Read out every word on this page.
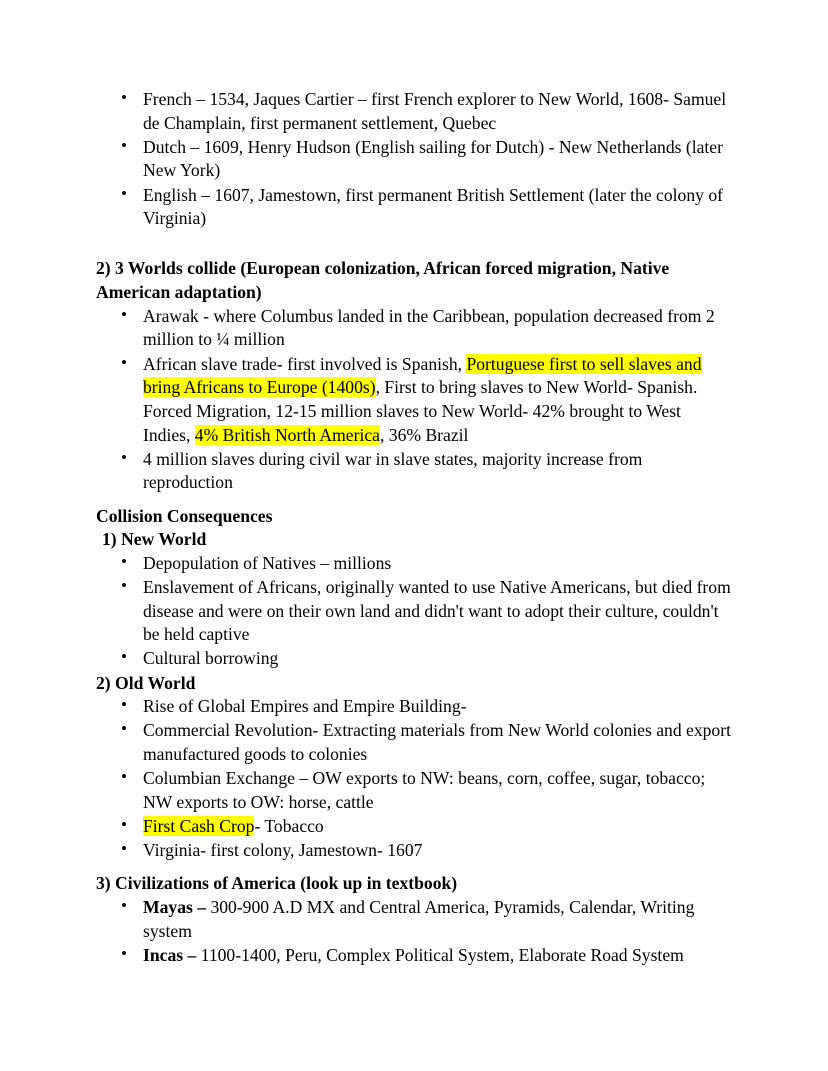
• French – 1534, Jaques Cartier – first French explorer to New World, 1608- Samuel de Champlain, first permanent settlement, Quebec
• Dutch – 1609, Henry Hudson (English sailing for Dutch) - New Netherlands (later New York)
• English – 1607, Jamestown, first permanent British Settlement (later the colony of Virginia)

2) 3 Worlds collide (European colonization, African forced migration, Native American adaptation)

• Arawak - where Columbus landed in the Caribbean, population decreased from 2 million to ¼ million
• African slave trade- first involved is Spanish, Portuguese first to sell slaves and bring Africans to Europe (1400s), First to bring slaves to New World- Spanish. Forced Migration, 12-15 million slaves to New World- 42% brought to West Indies, 4% British North America, 36% Brazil
• 4 million slaves during civil war in slave states, majority increase from reproduction

Collision Consequences

1) New World

• Depopulation of Natives – millions
• Enslavement of Africans, originally wanted to use Native Americans, but died from disease and were on their own land and didn't want to adopt their culture, couldn't be held captive
• Cultural borrowing

2) Old World

• Rise of Global Empires and Empire Building-
• Commercial Revolution- Extracting materials from New World colonies and export manufactured goods to colonies
• Columbian Exchange – OW exports to NW: beans, corn, coffee, sugar, tobacco; NW exports to OW: horse, cattle
• First Cash Crop- Tobacco
• Virginia- first colony, Jamestown- 1607

3) Civilizations of America (look up in textbook)

• Mayas – 300-900 A.D MX and Central America, Pyramids, Calendar, Writing system
• Incas – 1100-1400, Peru, Complex Political System, Elaborate Road System
